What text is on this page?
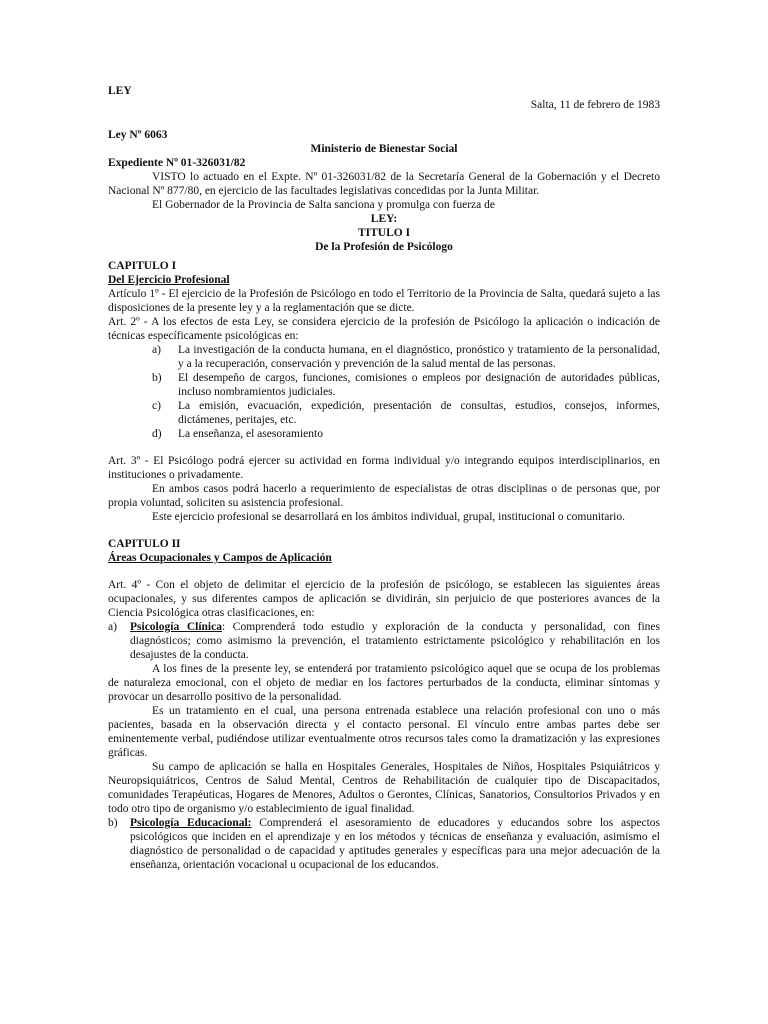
LEY

Salta, 11 de febrero de 1983

Ley Nº 6063

Ministerio de Bienestar Social

Expediente Nº 01-326031/82

VISTO lo actuado en el Expte. Nº 01-326031/82 de la Secretaría General de la Gobernación y el Decreto Nacional Nº 877/80, en ejercicio de las facultades legislativas concedidas por la Junta Militar.

El Gobernador de la Provincia de Salta sanciona y promulga con fuerza de

LEY:

TITULO I

De la Profesión de Psicólogo

CAPITULO I

Del Ejercicio Profesional

Artículo 1º - El ejercicio de la Profesión de Psicólogo en todo el Territorio de la Provincia de Salta, quedará sujeto a las disposiciones de la presente ley y a la reglamentación que se dicte.

Art. 2º - A los efectos de esta Ley, se considera ejercicio de la profesión de Psicólogo la aplicación o indicación de técnicas específicamente psicológicas en:

a) La investigación de la conducta humana, en el diagnóstico, pronóstico y tratamiento de la personalidad, y a la recuperación, conservación y prevención de la salud mental de las personas.

b) El desempeño de cargos, funciones, comisiones o empleos por designación de autoridades públicas, incluso nombramientos judiciales.

c) La emisión, evacuación, expedición, presentación de consultas, estudios, consejos, informes, dictámenes, peritajes, etc.

d) La enseñanza, el asesoramiento

Art. 3º - El Psicólogo podrá ejercer su actividad en forma individual y/o integrando equipos interdisciplinarios, en instituciones o privadamente.

En ambos casos podrá hacerlo a requerimiento de especialistas de otras disciplinas o de personas que, por propia voluntad, soliciten su asistencia profesional.

Este ejercicio profesional se desarrollará en los ámbitos individual, grupal, institucional o comunitario.

CAPITULO II

Áreas Ocupacionales y Campos de Aplicación

Art. 4º - Con el objeto de delimitar el ejercicio de la profesión de psicólogo, se establecen las siguientes áreas ocupacionales, y sus diferentes campos de aplicación se dividirán, sin perjuicio de que posteriores avances de la Ciencia Psicológica otras clasificaciones, en:

a) Psicología Clínica: Comprenderá todo estudio y exploración de la conducta y personalidad, con fines diagnósticos; como asimismo la prevención, el tratamiento estrictamente psicológico y rehabilitación en los desajustes de la conducta.

A los fines de la presente ley, se entenderá por tratamiento psicológico aquel que se ocupa de los problemas de naturaleza emocional, con el objeto de mediar en los factores perturbados de la conducta, eliminar síntomas y provocar un desarrollo positivo de la personalidad.

Es un tratamiento en el cual, una persona entrenada establece una relación profesional con uno o más pacientes, basada en la observación directa y el contacto personal. El vínculo entre ambas partes debe ser eminentemente verbal, pudiéndose utilizar eventualmente otros recursos tales como la dramatización y las expresiones gráficas.

Su campo de aplicación se halla en Hospitales Generales, Hospitales de Niños, Hospitales Psiquiátricos y Neuropsiquiátricos, Centros de Salud Mental, Centros de Rehabilitación de cualquier tipo de Discapacitados, comunidades Terapéuticas, Hogares de Menores, Adultos o Gerontes, Clínicas, Sanatorios, Consultorios Privados y en todo otro tipo de organismo y/o establecimiento de igual finalidad.

b) Psicología Educacional: Comprenderá el asesoramiento de educadores y educandos sobre los aspectos psicológicos que inciden en el aprendizaje y en los métodos y técnicas de enseñanza y evaluación, asimismo el diagnóstico de personalidad o de capacidad y aptitudes generales y específicas para una mejor adecuación de la enseñanza, orientación vocacional u ocupacional de los educandos.
